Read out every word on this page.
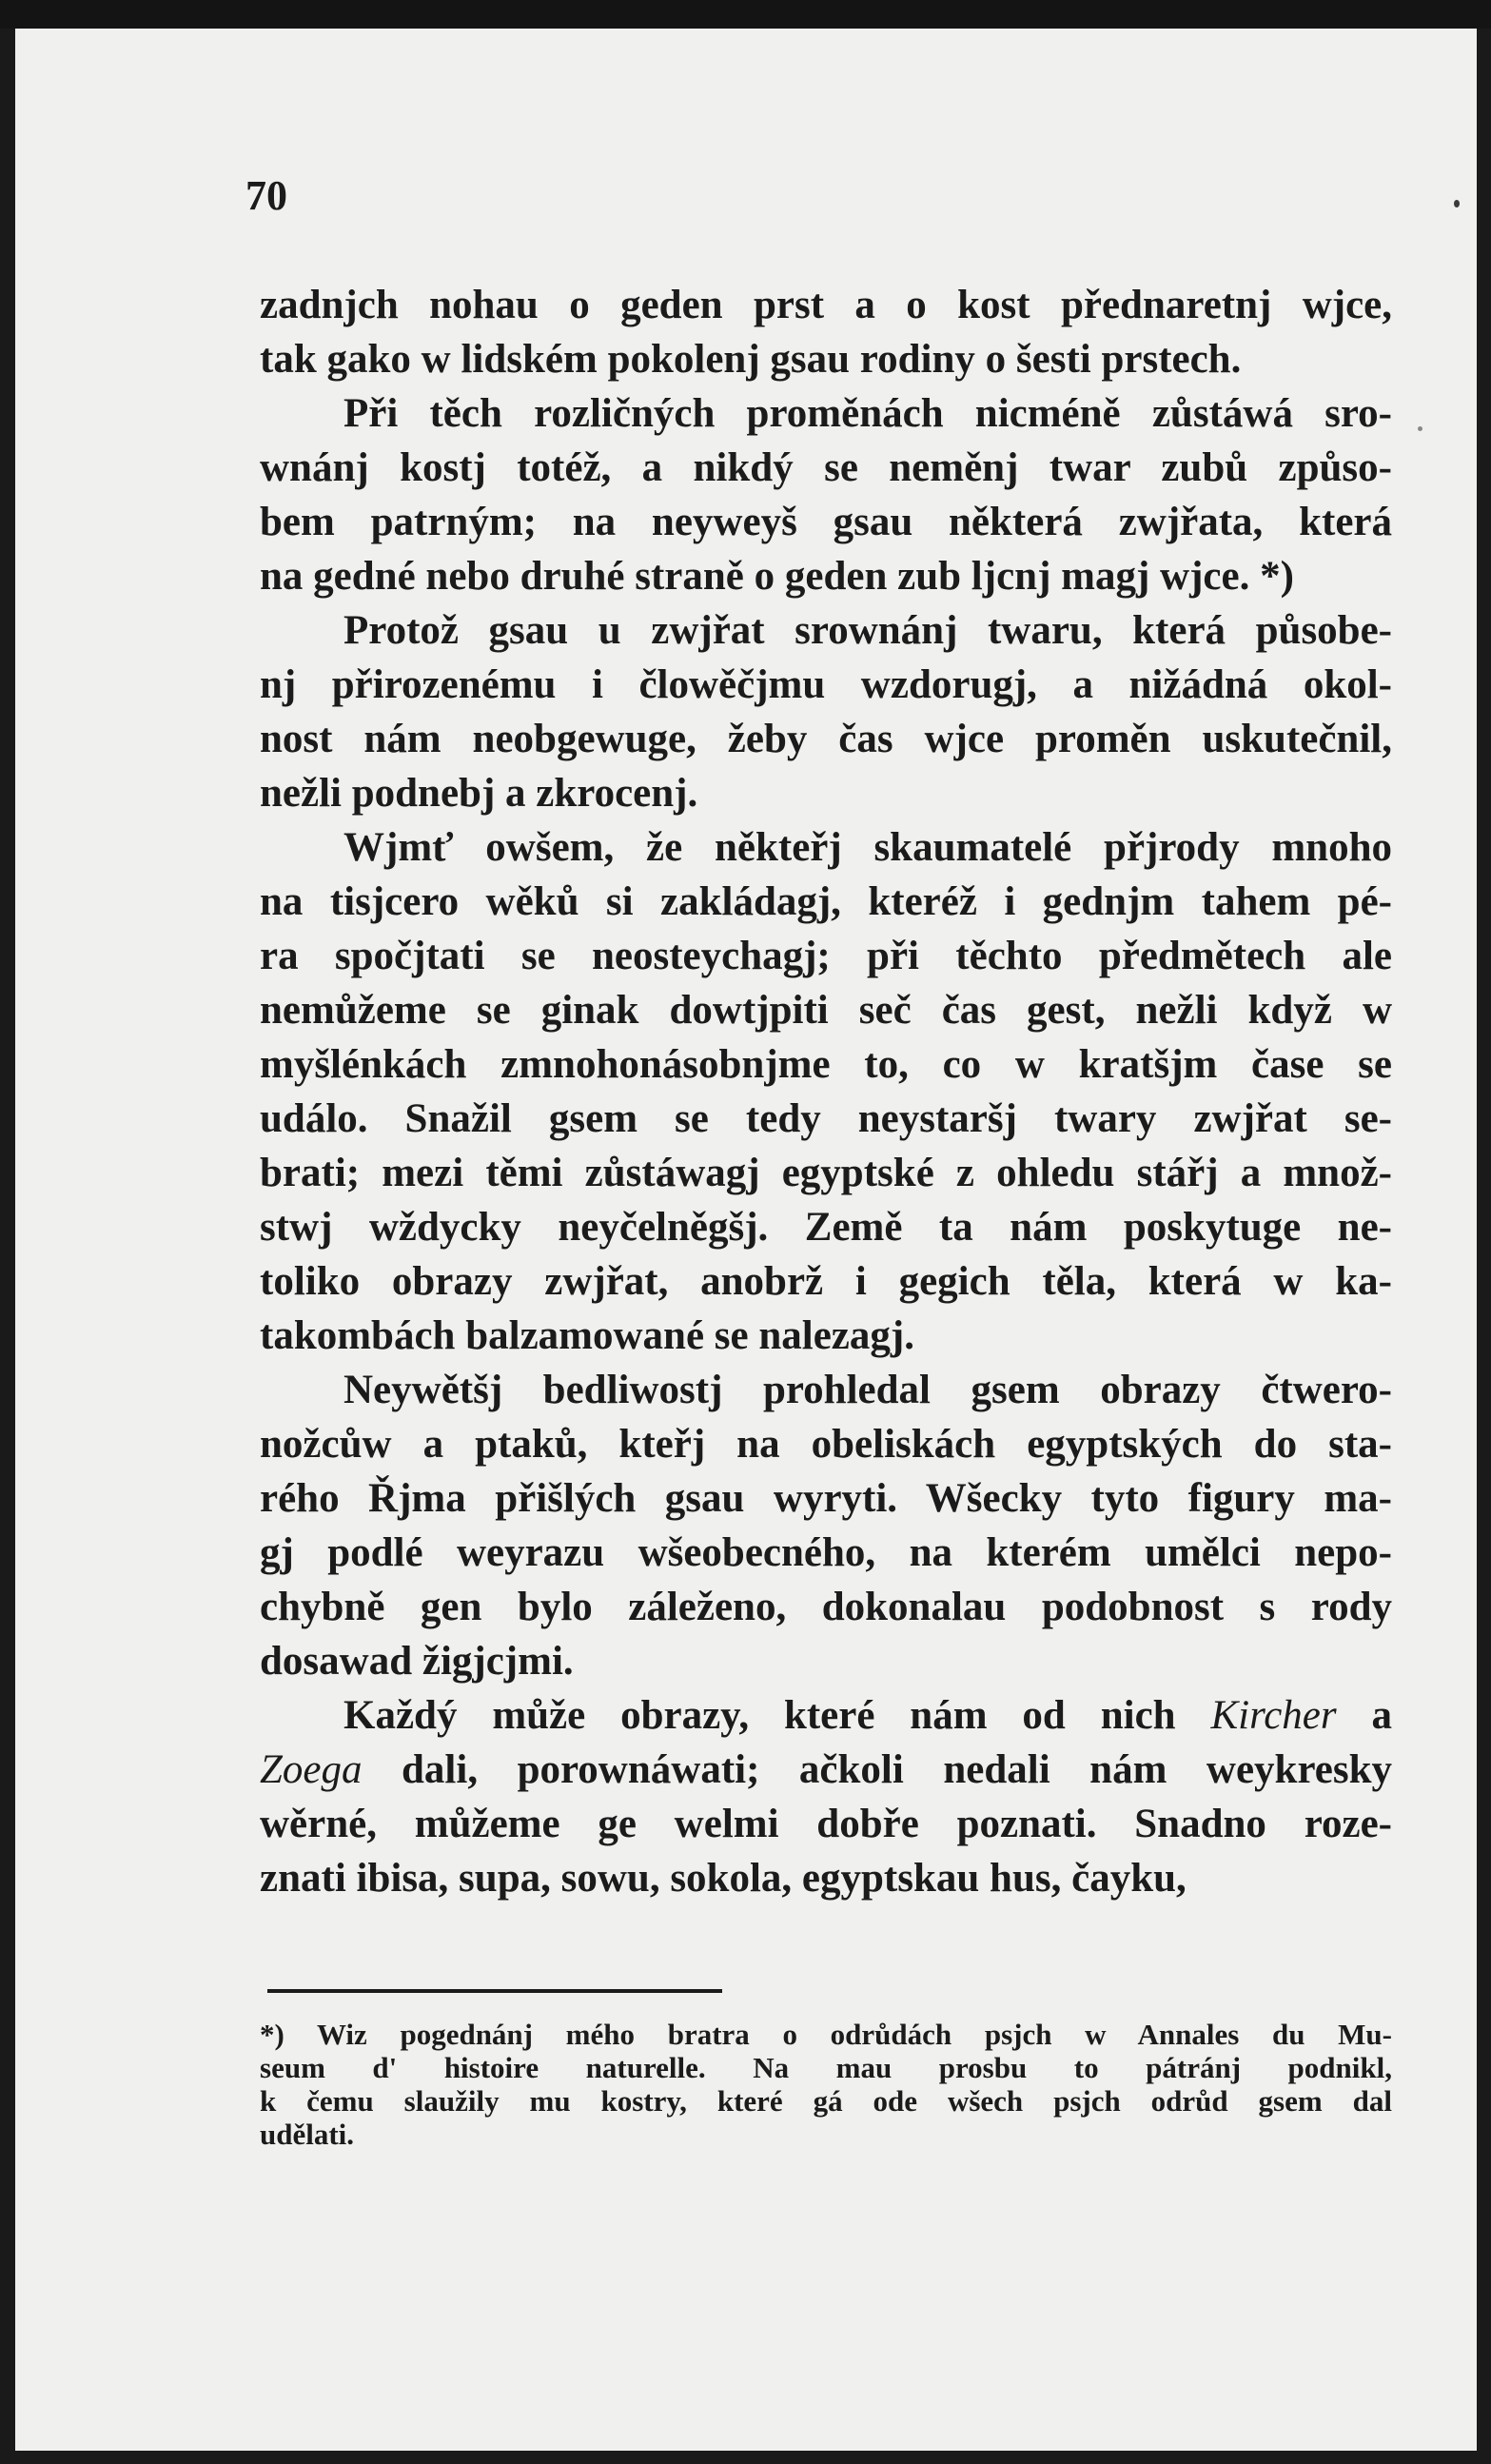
70

zadnjch nohau o geden prst a o kost přednaretnj wjce,
tak gako w lidském pokolenj gsau rodiny o šesti prstech.
Při těch rozličných proměnách nicméně zůstáwá sro-
wnánj kostj totéž, a nikdý se neměnj twar zubů způso-
bem patrným; na neyweyš gsau některá zwjřata, která
na gedné nebo druhé straně o geden zub ljcnj magj wjce. *)
Protož gsau u zwjřat srownánj twaru, která působe-
nj přirozenému i člowěčjmu wzdorugj, a nižádná okol-
nost nám neobgewuge, žeby čas wjce proměn uskutečnil,
nežli podnebj a zkrocenj.
Wjmť owšem, že někteřj skaumatelé přjrody mnoho
na tisjcero wěků si zakládagj, kteréž i gednjm tahem pé-
ra spočjtati se neosteychagj; při těchto předmětech ale
nemůžeme se ginak dowtjpiti seč čas gest, nežli když w
myšlénkách zmnohonásobnjme to, co w kratšjm čase se
událo. Snažil gsem se tedy neystaršj twary zwjřat se-
brati; mezi těmi zůstáwagj egyptské z ohledu stářj a množ-
stwj wždycky neyčelněgšj. Země ta nám poskytuge ne-
toliko obrazy zwjřat, anobrž i gegich těla, která w ka-
takombách balzamowané se nalezagj.
Neywětšj bedliwostj prohledal gsem obrazy čtwero-
nožcůw a ptaků, kteřj na obeliskách egyptských do sta-
rého Řjma přišlých gsau wyryti. Wšecky tyto figury ma-
gj podlé weyrazu wšeobecného, na kterém umělci nepo-
chybně gen bylo záleženo, dokonalau podobnost s rody
dosawad žigjcjmi.
Každý může obrazy, které nám od nich Kircher a
Zoega dali, porownáwati; ačkoli nedali nám weykresky
wěrné, můžeme ge welmi dobře poznati. Snadno roze-
znati ibisa, supa, sowu, sokola, egyptskau hus, čayku,
*) Wiz pogednánj mého bratra o odrůdách psjch w Annales du Mu-
seum d' histoire naturelle. Na mau prosbu to pátránj podnikl,
k čemu slaužily mu kostry, které gá ode wšech psjch odrůd gsem dal
udělati.
